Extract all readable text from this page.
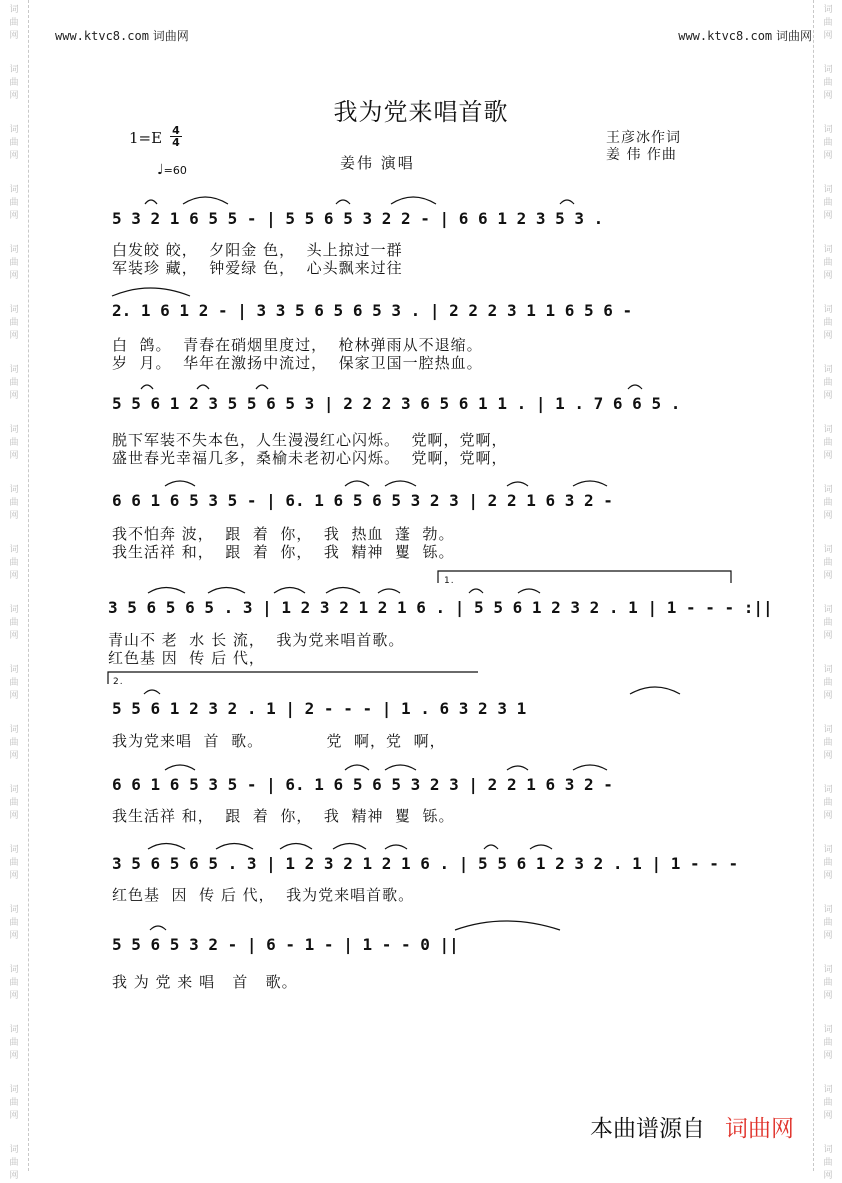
词曲网
词曲网
词曲网
词曲网
词曲网
词曲网
词曲网
词曲网
词曲网
词曲网
词曲网
词曲网
词曲网
词曲网
词曲网
词曲网
词曲网
词曲网
词曲网
词曲网
词曲网
词曲网
词曲网
词曲网
词曲网
词曲网
词曲网
词曲网
词曲网
词曲网
词曲网
词曲网
词曲网
词曲网
词曲网
词曲网
词曲网
词曲网
词曲网
词曲网
www.ktvc8.com 词曲网	www.ktvc8.com 词曲网
我为党来唱首歌
1=E 4
4
♩=60	姜伟 演唱
王彦冰作词
姜 伟 作曲
5 3 2 1 6 5 5 - | 5 5 6 5 3 2 2 - | 6 6 1 2 3 5 3 .
白发皎 皎，  夕阳金 色，  头上掠过一群
军装珍 藏，  钟爱绿 色，  心头飘来过往
2. 1 6 1 2 - | 3 3 5 6 5 6 5 3 . | 2 2 2 3 1 1 6 5 6 -
白  鸽。  青春在硝烟里度过，  枪林弹雨从不退缩。
岁  月。  华年在激扬中流过，  保家卫国一腔热血。
5 5 6 1 2 3 5 5 6 5 3 | 2 2 2 3 6 5 6 1 1 . | 1 . 7 6 6 5 .
脱下军装不失本色，人生漫漫红心闪烁。  党啊，党啊，
盛世春光幸福几多，桑榆未老初心闪烁。  党啊，党啊，
6 6 1 6 5 3 5 - | 6. 1 6 5 6 5 3 2 3 | 2 2 1 6 3 2 -
我不怕奔 波，  跟  着  你，  我  热血  蓬  勃。
我生活祥 和，  跟  着  你，  我  精神  矍  铄。
1.
3 5 6 5 6 5 . 3 | 1 2 3 2 1 2 1 6 . | 5 5 6 1 2 3 2 . 1 | 1 - - - :||
青山不 老  水 长 流，  我为党来唱首歌。
红色基 因  传 后 代，
2.
5 5 6 1 2 3 2 . 1 | 2 - - - | 1 . 6 3 2 3 1
我为党来唱  首  歌。           党  啊，党  啊，
6 6 1 6 5 3 5 - | 6. 1 6 5 6 5 3 2 3 | 2 2 1 6 3 2 -
我生活祥 和，  跟  着  你，  我  精神  矍  铄。
3 5 6 5 6 5 . 3 | 1 2 3 2 1 2 1 6 . | 5 5 6 1 2 3 2 . 1 | 1 - - -
红色基  因  传 后 代，  我为党来唱首歌。
5 5 6 5 3 2 - | 6 - 1 - | 1 - - 0 ||
我 为 党 来 唱   首   歌。
本曲谱源自 词曲网
